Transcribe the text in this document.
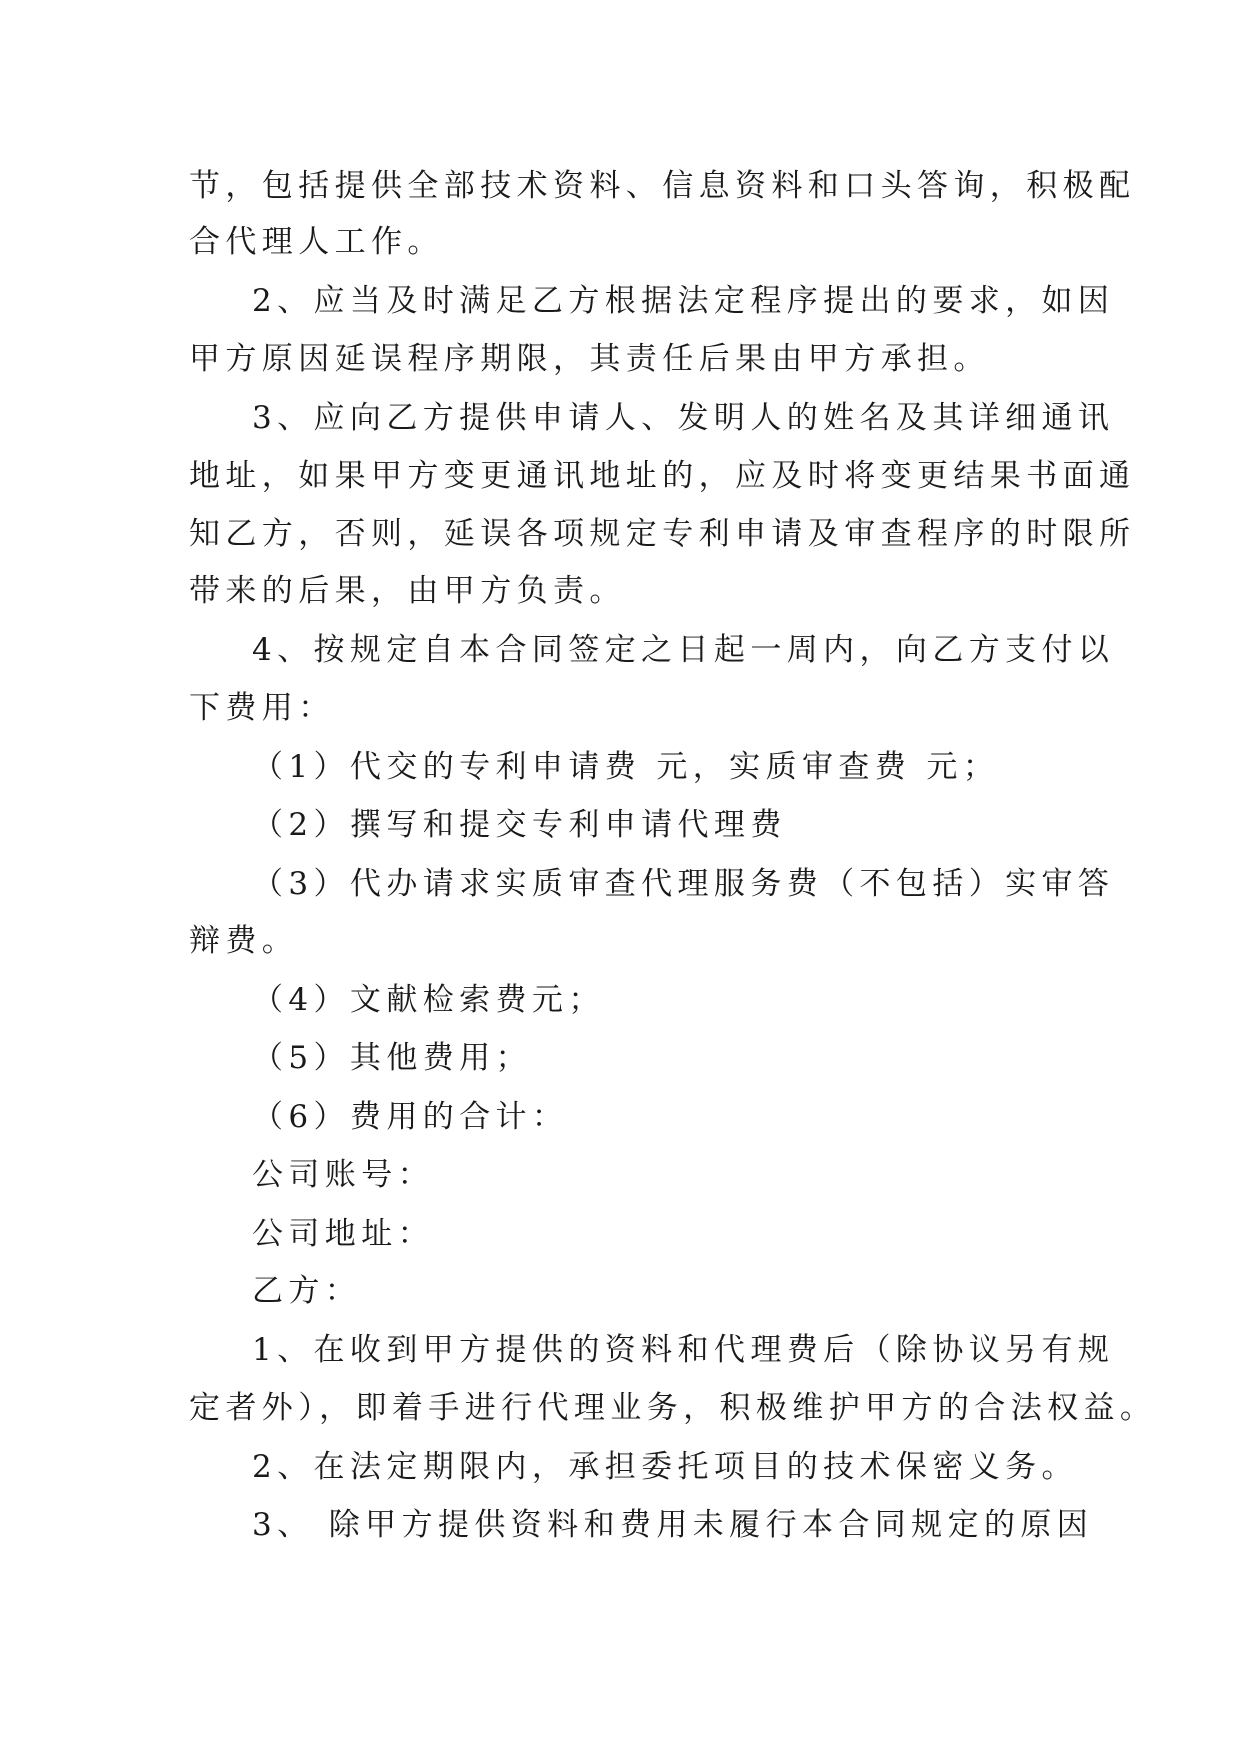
节，包括提供全部技术资料、信息资料和口头答询，积极配
合代理人工作。
2、应当及时满足乙方根据法定程序提出的要求，如因
甲方原因延误程序期限，其责任后果由甲方承担。
3、应向乙方提供申请人、发明人的姓名及其详细通讯
地址，如果甲方变更通讯地址的，应及时将变更结果书面通
知乙方，否则，延误各项规定专利申请及审查程序的时限所
带来的后果，由甲方负责。
4、按规定自本合同签定之日起一周内，向乙方支付以
下费用：
（1）代交的专利申请费 元，实质审查费 元；
（2）撰写和提交专利申请代理费
（3）代办请求实质审查代理服务费（不包括）实审答
辩费。
（4）文献检索费元；
（5）其他费用；
（6）费用的合计：
公司账号：
公司地址：
乙方：
1、在收到甲方提供的资料和代理费后（除协议另有规
定者外），即着手进行代理业务，积极维护甲方的合法权益。
2、在法定期限内，承担委托项目的技术保密义务。
3、 除甲方提供资料和费用未履行本合同规定的原因
